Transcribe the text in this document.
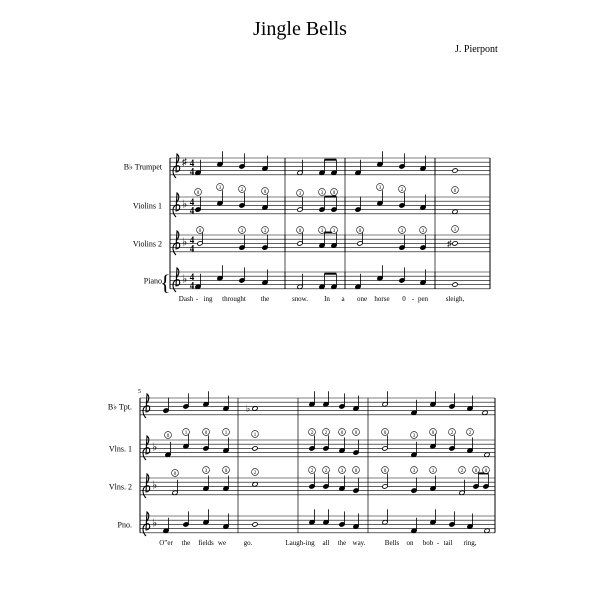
Jingle Bells
J. Pierpont
B♭ Trumpet ♯ 4
4
Violins 1 ♭ 4
4
Violins 2 ♭ 4
4
Piano ♭ 4
4
{
0
3	2	0	3	3 0
3	2	0
♯
0	3	3	0	3 3	0	3	3	1
Dash - ing throught the	snow. In a one horse 0 - pen	sleigh,
5
B♭ Tpt.
Vlns. 1 ♭
Vlns. 2 ♭
Pno. ♭
♭
0
1	0	1	1	2 2	0 0	0
3
0	2	2
0
3	0	2	2 2	3 0	0	3	3	2 0 0
O”er the fields we	go.	Laugh-ing all the way.	Bells on bob - tail ring,
